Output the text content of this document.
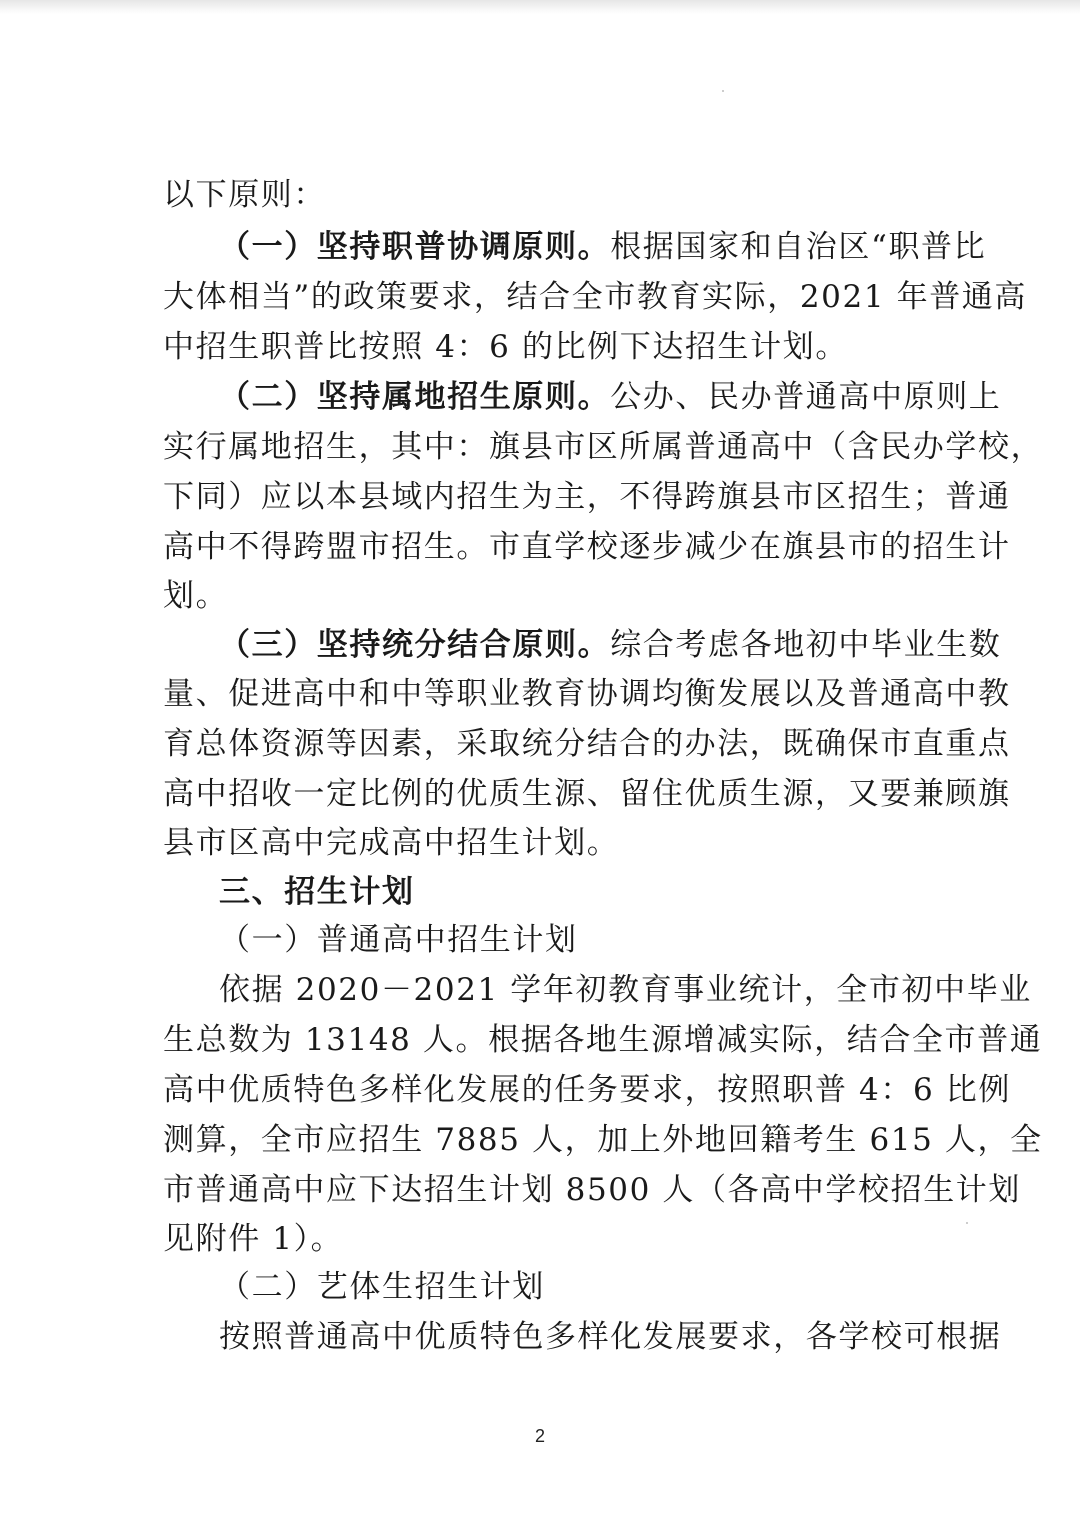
以下原则：
（一）坚持职普协调原则。根据国家和自治区“职普比
大体相当”的政策要求，结合全市教育实际，2021 年普通高
中招生职普比按照 4：6 的比例下达招生计划。
（二）坚持属地招生原则。公办、民办普通高中原则上
实行属地招生，其中：旗县市区所属普通高中（含民办学校，
下同）应以本县域内招生为主，不得跨旗县市区招生；普通
高中不得跨盟市招生。市直学校逐步减少在旗县市的招生计
划。
（三）坚持统分结合原则。综合考虑各地初中毕业生数
量、促进高中和中等职业教育协调均衡发展以及普通高中教
育总体资源等因素，采取统分结合的办法，既确保市直重点
高中招收一定比例的优质生源、留住优质生源，又要兼顾旗
县市区高中完成高中招生计划。
三、招生计划
（一）普通高中招生计划
依据 2020－2021 学年初教育事业统计，全市初中毕业
生总数为 13148 人。根据各地生源增减实际，结合全市普通
高中优质特色多样化发展的任务要求，按照职普 4：6 比例
测算，全市应招生 7885 人，加上外地回籍考生 615 人，全
市普通高中应下达招生计划 8500 人（各高中学校招生计划
见附件 1）。
（二）艺体生招生计划
按照普通高中优质特色多样化发展要求，各学校可根据
2
